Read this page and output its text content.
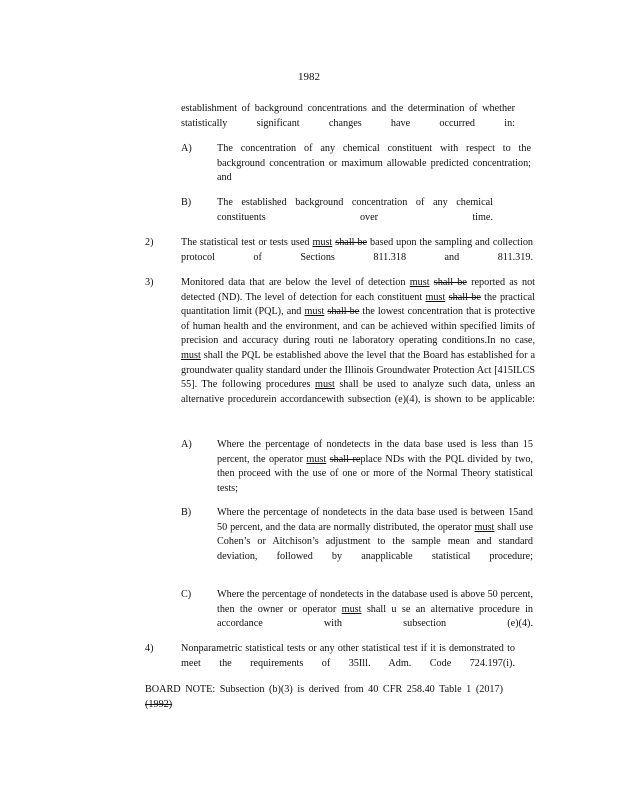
1982
establishment of background concentrations and the determination of whether statistically significant changes have occurred in:
A) The concentration of any chemical constituent with respect to the background concentration or maximum allowable predicted concentration; and
B)	The established background concentration of any chemical constituents over time.
2)	The statistical test or tests used must shall be based upon the sampling and collection protocol of Sections 811.318 and 811.319.
3)	Monitored data that are below the level of detection must shall be reported as not detected (ND). The level of detection for each constituent must shall be the practical quantitation limit (PQL), and must shall be the lowest concentration that is protective of human health and the environment, and can be achieved within specified limits of precision and accuracy during routi ne laboratory operating conditions.In no case, must shall the PQL be established above the level that the Board has established for a groundwater quality standard under the Illinois Groundwater Protection Act [415ILCS 55]. The following procedures must shall be used to analyze such data, unless an alternative procedurein accordancewith subsection (e)(4), is shown to be applicable:
A) Where the percentage of nondetects in the data base used is less than 15 percent, the operator must shall replace NDs with the PQL divided by two, then proceed with the use of one or more of the Normal Theory statistical tests;
B)	Where the percentage of nondetects in the data base used is between 15and 50 percent, and the data are normally distributed, the operator must shall use Cohen’s or Aitchison’s adjustment to the sample mean and standard deviation, followed by anapplicable statistical procedure;
C)	Where the percentage of nondetects in the database used is above 50 percent, then the owner or operator must shall u se an alternative procedure in accordance with subsection (e)(4).
4)	Nonparametric statistical tests or any other statistical test if it is demonstrated to meet the requirements of 35Ill. Adm. Code 724.197(i).
BOARD NOTE: Subsection (b)(3) is derived from 40 CFR 258.40 Table 1 (2017) (1992)
